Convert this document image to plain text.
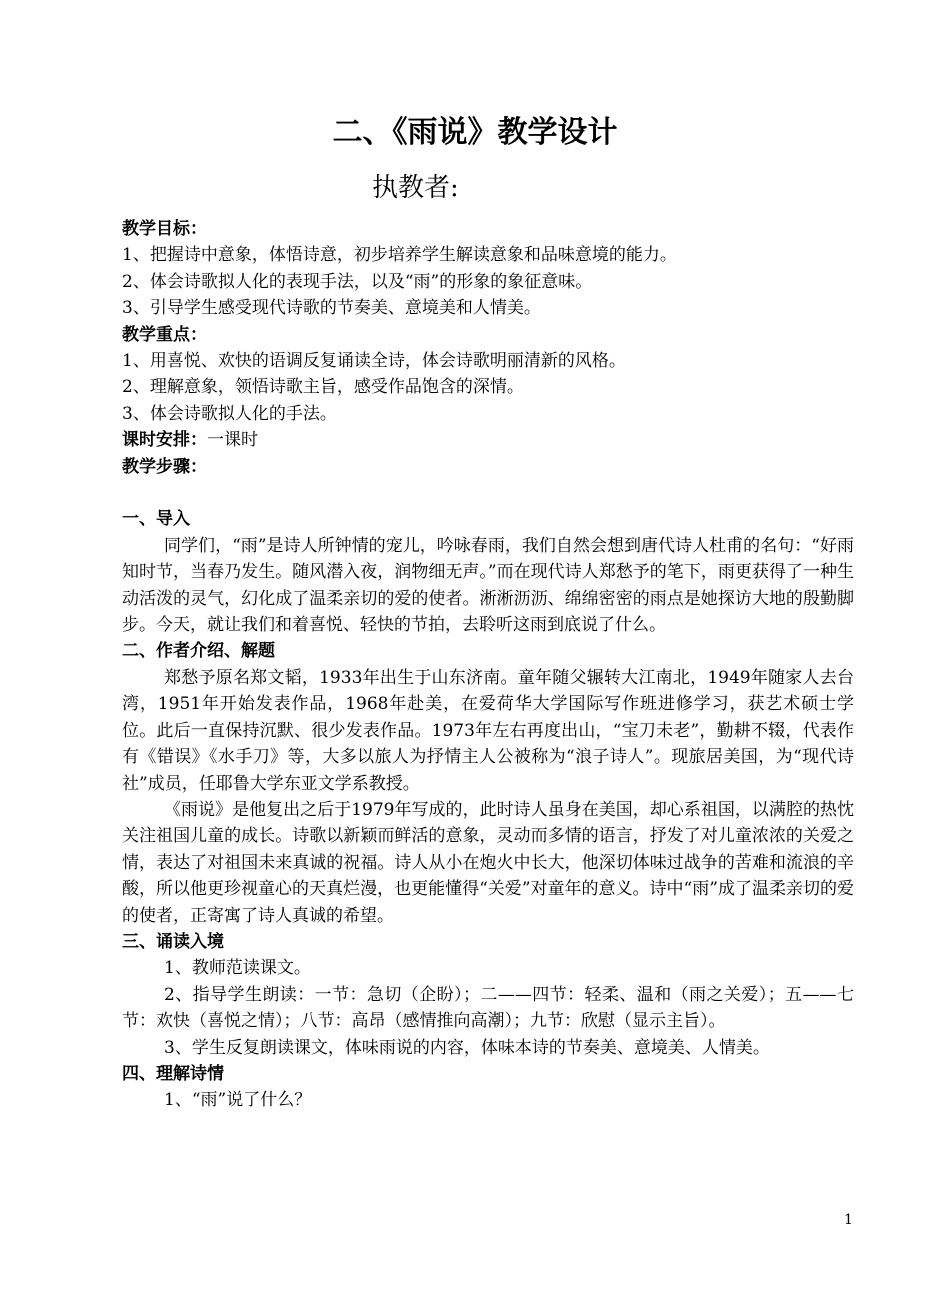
二、《雨说》教学设计

执教者:

教学目标：

1、把握诗中意象，体悟诗意，初步培养学生解读意象和品味意境的能力。

2、体会诗歌拟人化的表现手法，以及“雨”的形象的象征意味。

3、引导学生感受现代诗歌的节奏美、意境美和人情美。

教学重点：

1、用喜悦、欢快的语调反复诵读全诗，体会诗歌明丽清新的风格。

2、理解意象，领悟诗歌主旨，感受作品饱含的深情。

3、体会诗歌拟人化的手法。

课时安排：一课时

教学步骤：

一、导入

同学们，“雨”是诗人所钟情的宠儿，吟咏春雨，我们自然会想到唐代诗人杜甫的名句：“好雨知时节，当春乃发生。随风潜入夜，润物细无声。”而在现代诗人郑愁予的笔下，雨更获得了一种生动活泼的灵气，幻化成了温柔亲切的爱的使者。淅淅沥沥、绵绵密密的雨点是她探访大地的殷勤脚步。今天，就让我们和着喜悦、轻快的节拍，去聆听这雨到底说了什么。

二、作者介绍、解题

郑愁予原名郑文韬，1933年出生于山东济南。童年随父辗转大江南北，1949年随家人去台湾，1951年开始发表作品，1968年赴美，在爱荷华大学国际写作班进修学习，获艺术硕士学位。此后一直保持沉默、很少发表作品。1973年左右再度出山，“宝刀未老”，勤耕不辍，代表作有《错误》《水手刀》等，大多以旅人为抒情主人公被称为“浪子诗人”。现旅居美国，为“现代诗社”成员，任耶鲁大学东亚文学系教授。

《雨说》是他复出之后于1979年写成的，此时诗人虽身在美国，却心系祖国，以满腔的热忱关注祖国儿童的成长。诗歌以新颖而鲜活的意象，灵动而多情的语言，抒发了对儿童浓浓的关爱之情，表达了对祖国未来真诚的祝福。诗人从小在炮火中长大，他深切体味过战争的苦难和流浪的辛酸，所以他更珍视童心的天真烂漫，也更能懂得“关爱”对童年的意义。诗中“雨”成了温柔亲切的爱的使者，正寄寓了诗人真诚的希望。

三、诵读入境

1、教师范读课文。

2、指导学生朗读：一节：急切（企盼）；二——四节：轻柔、温和（雨之关爱）；五——七节：欢快（喜悦之情）；八节：高昂（感情推向高潮）；九节：欣慰（显示主旨）。

3、学生反复朗读课文，体味雨说的内容，体味本诗的节奏美、意境美、人情美。

四、理解诗情

1、“雨”说了什么？

1
